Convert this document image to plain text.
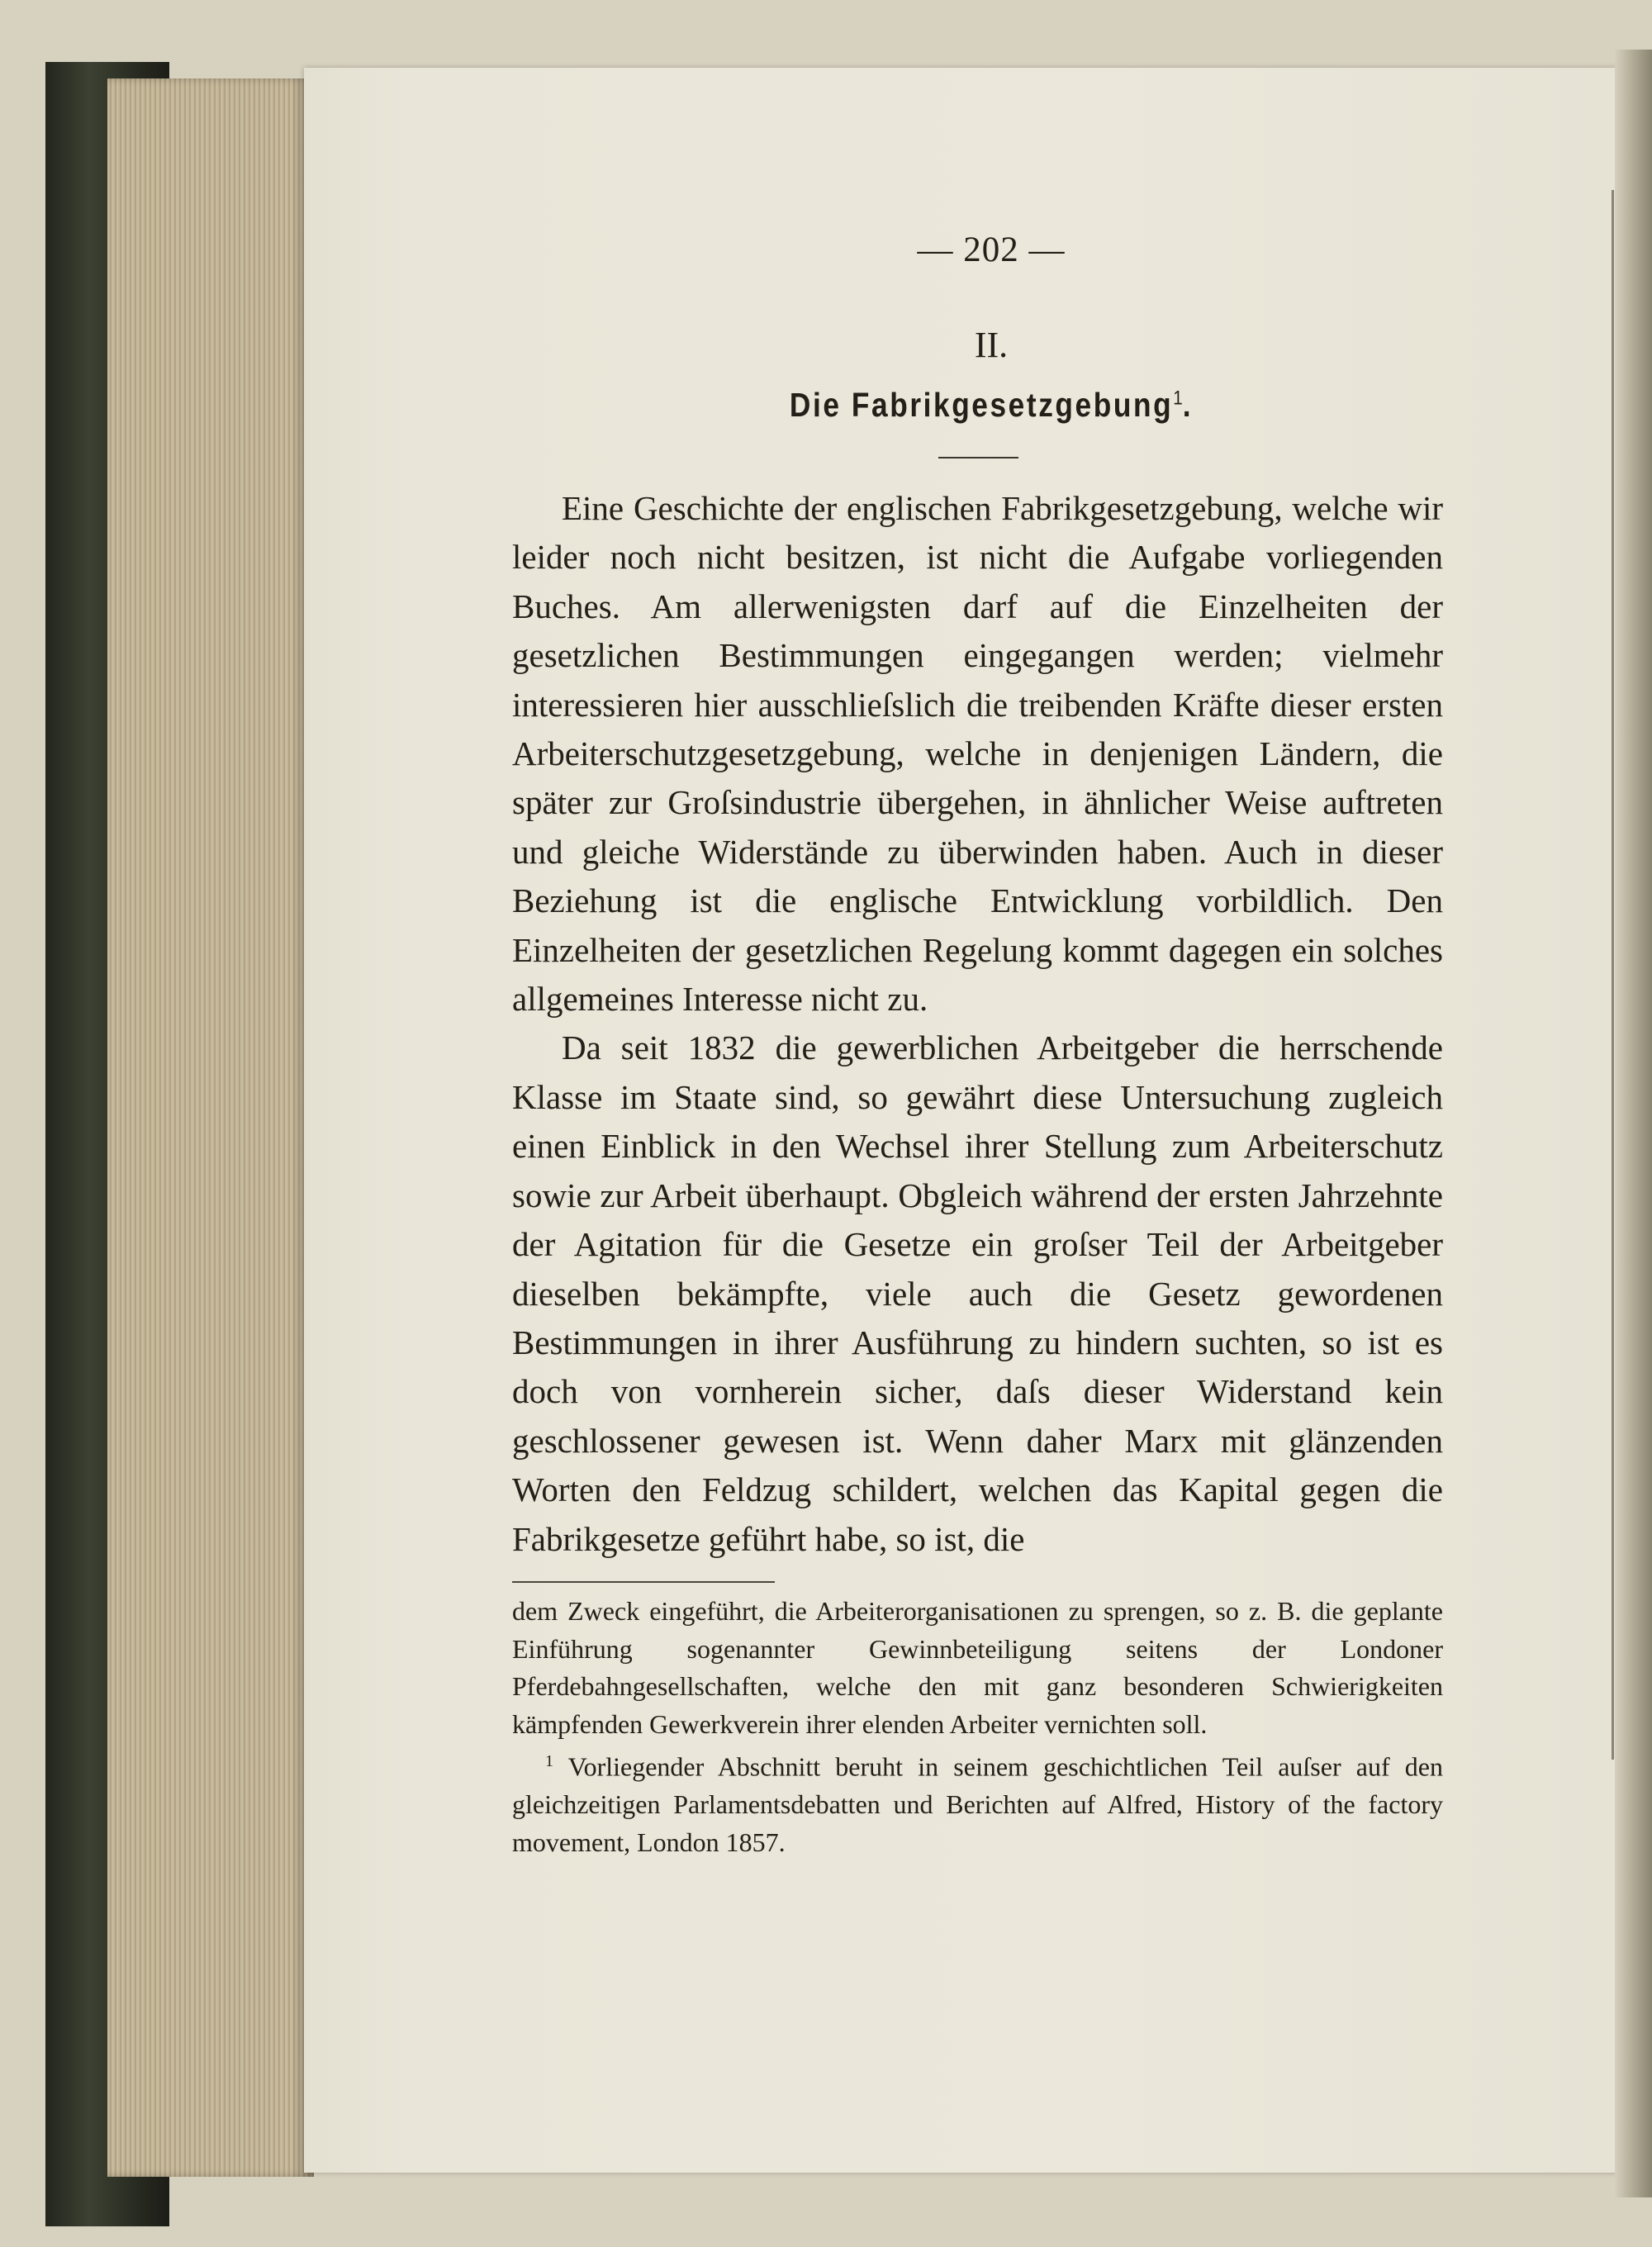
— 202 —
II.
Die Fabrikgesetzgebung$^1$.

Eine Geschichte der englischen Fabrikgesetzgebung, welche wir leider noch nicht besitzen, ist nicht die Aufgabe vorliegenden Buches. Am allerwenigsten darf auf die Einzelheiten der gesetzlichen Bestimmungen eingegangen werden; vielmehr interessieren hier ausschlieſslich die treibenden Kräfte dieser ersten Arbeiterschutzgesetzgebung, welche in denjenigen Ländern, die später zur Groſsindustrie übergehen, in ähnlicher Weise auftreten und gleiche Widerstände zu überwinden haben. Auch in dieser Beziehung ist die englische Entwicklung vorbildlich. Den Einzelheiten der gesetzlichen Regelung kommt dagegen ein solches allgemeines Interesse nicht zu.

Da seit 1832 die gewerblichen Arbeitgeber die herrschende Klasse im Staate sind, so gewährt diese Untersuchung zugleich einen Einblick in den Wechsel ihrer Stellung zum Arbeiterschutz sowie zur Arbeit überhaupt. Obgleich während der ersten Jahrzehnte der Agitation für die Gesetze ein groſser Teil der Arbeitgeber dieselben bekämpfte, viele auch die Gesetz gewordenen Bestimmungen in ihrer Ausführung zu hindern suchten, so ist es doch von vornherein sicher, daſs dieser Widerstand kein geschlossener gewesen ist. Wenn daher Marx mit glänzenden Worten den Feldzug schildert, welchen das Kapital gegen die Fabrikgesetze geführt habe, so ist, die

dem Zweck eingeführt, die Arbeiterorganisationen zu sprengen, so z. B. die geplante Einführung sogenannter Gewinnbeteiligung seitens der Londoner Pferdebahngesellschaften, welche den mit ganz besonderen Schwierigkeiten kämpfenden Gewerkverein ihrer elenden Arbeiter vernichten soll.

$^1$ Vorliegender Abschnitt beruht in seinem geschichtlichen Teil auſser auf den gleichzeitigen Parlamentsdebatten und Berichten auf Alfred, History of the factory movement, London 1857.
